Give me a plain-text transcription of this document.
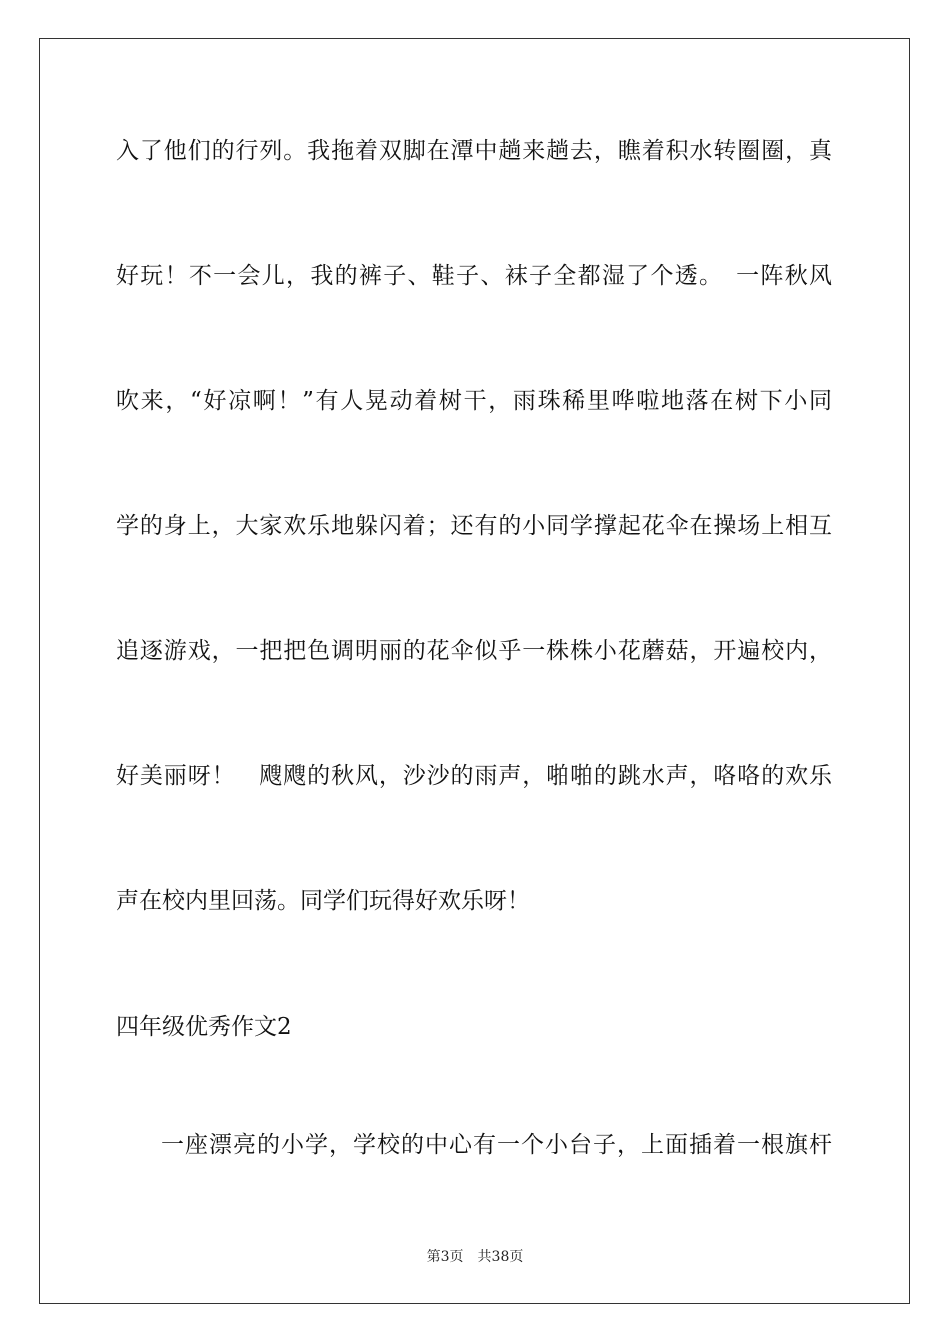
入了他们的行列。我拖着双脚在潭中趟来趟去，瞧着积水转圈圈，真
好玩！不一会儿，我的裤子、鞋子、袜子全都湿了个透。　一阵秋风
吹来，“好凉啊！”有人晃动着树干，雨珠稀里哗啦地落在树下小同
学的身上，大家欢乐地躲闪着；还有的小同学撑起花伞在操场上相互
追逐游戏，一把把色调明丽的花伞似乎一株株小花蘑菇，开遍校内，
好美丽呀！　飕飕的秋风，沙沙的雨声，啪啪的跳水声，咯咯的欢乐
声在校内里回荡。同学们玩得好欢乐呀！
四年级优秀作文2
一座漂亮的小学，学校的中心有一个小台子，上面插着一根旗杆
第3页 共38页
